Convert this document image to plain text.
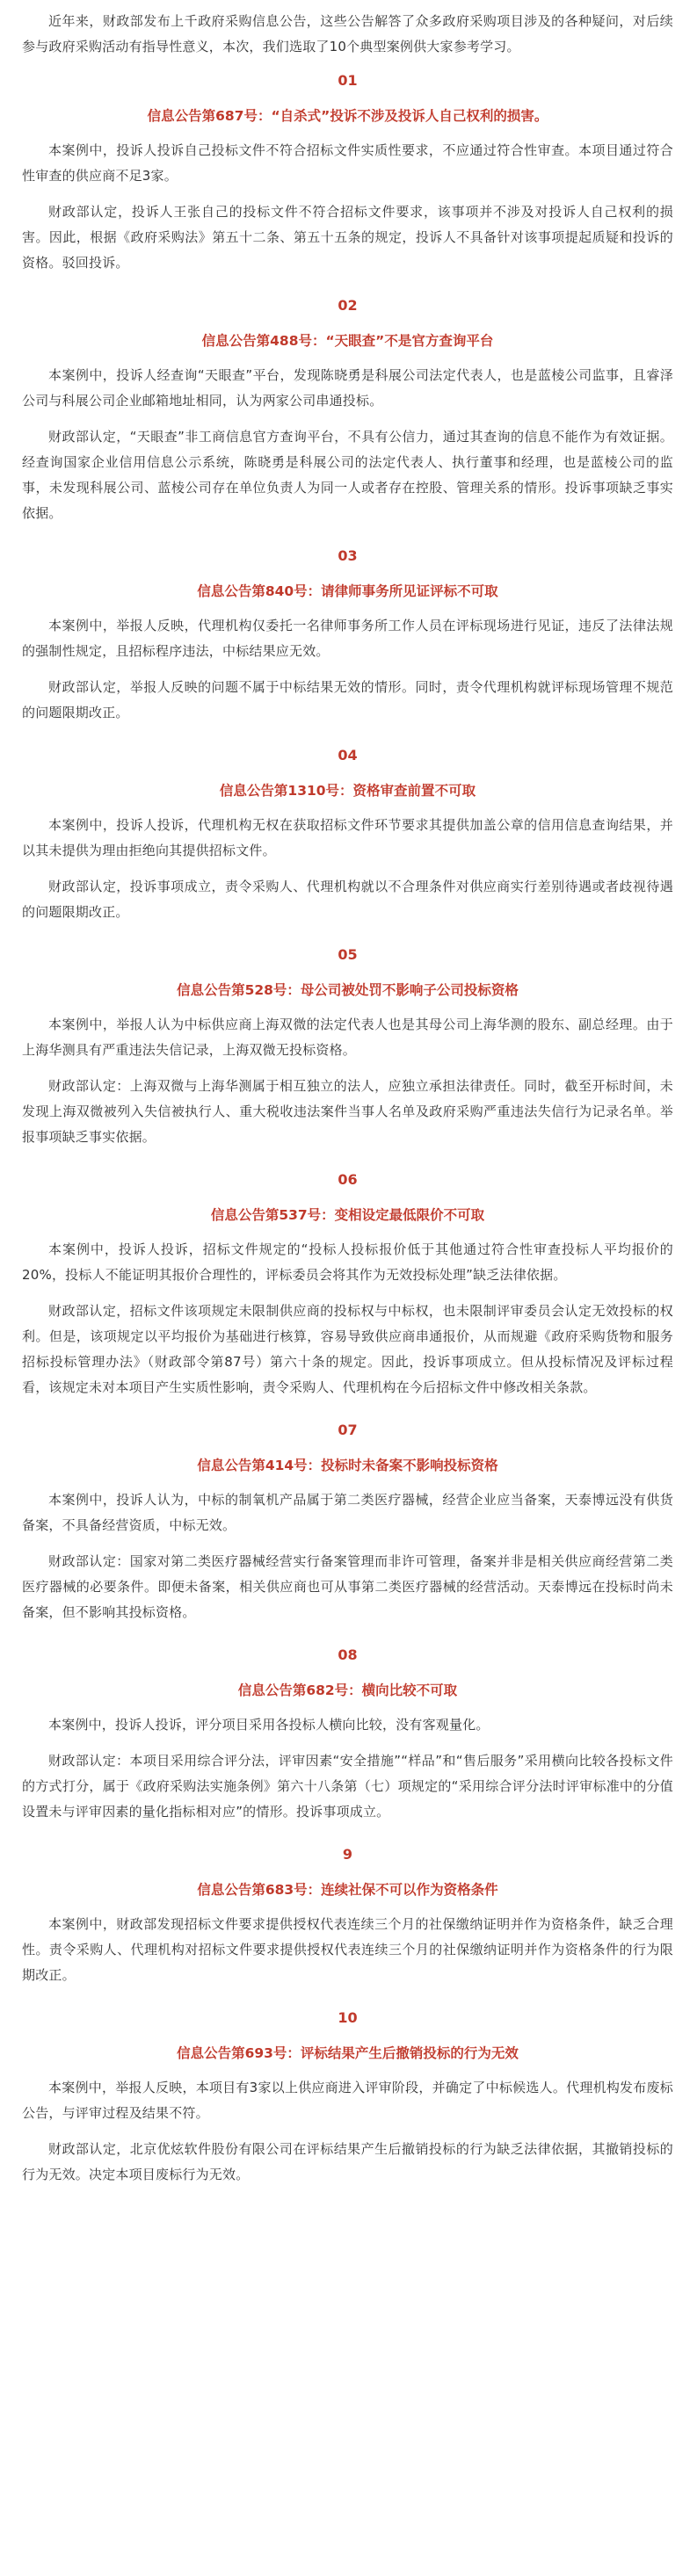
近年来，财政部发布上千政府采购信息公告，这些公告解答了众多政府采购项目涉及的各种疑问，对后续参与政府采购活动有指导性意义，本次，我们选取了10个典型案例供大家参考学习。

01
信息公告第687号：“自杀式”投诉不涉及投诉人自己权利的损害。

本案例中，投诉人投诉自己投标文件不符合招标文件实质性要求，不应通过符合性审查。本项目通过符合性审查的供应商不足3家。

财政部认定，投诉人王张自己的投标文件不符合招标文件要求，该事项并不涉及对投诉人自己权利的损害。因此，根据《政府采购法》第五十二条、第五十五条的规定，投诉人不具备针对该事项提起质疑和投诉的资格。驳回投诉。

02
信息公告第488号：“天眼查”不是官方查询平台

本案例中，投诉人经查询“天眼查”平台，发现陈晓勇是科展公司法定代表人，也是蓝棱公司监事，且睿泽公司与科展公司企业邮箱地址相同，认为两家公司串通投标。

财政部认定，“天眼查”非工商信息官方查询平台，不具有公信力，通过其查询的信息不能作为有效证据。经查询国家企业信用信息公示系统，陈晓勇是科展公司的法定代表人、执行董事和经理，也是蓝棱公司的监事，未发现科展公司、蓝棱公司存在单位负责人为同一人或者存在控股、管理关系的情形。投诉事项缺乏事实依据。

03
信息公告第840号：请律师事务所见证评标不可取

本案例中，举报人反映，代理机构仅委托一名律师事务所工作人员在评标现场进行见证，违反了法律法规的强制性规定，且招标程序违法，中标结果应无效。

财政部认定，举报人反映的问题不属于中标结果无效的情形。同时，责令代理机构就评标现场管理不规范的问题限期改正。

04
信息公告第1310号：资格审查前置不可取

本案例中，投诉人投诉，代理机构无权在获取招标文件环节要求其提供加盖公章的信用信息查询结果，并以其未提供为理由拒绝向其提供招标文件。

财政部认定，投诉事项成立，责令采购人、代理机构就以不合理条件对供应商实行差别待遇或者歧视待遇的问题限期改正。

05
信息公告第528号：母公司被处罚不影响子公司投标资格

本案例中，举报人认为中标供应商上海双微的法定代表人也是其母公司上海华测的股东、副总经理。由于上海华测具有严重违法失信记录，上海双微无投标资格。

财政部认定：上海双微与上海华测属于相互独立的法人，应独立承担法律责任。同时，截至开标时间，未发现上海双微被列入失信被执行人、重大税收违法案件当事人名单及政府采购严重违法失信行为记录名单。举报事项缺乏事实依据。

06
信息公告第537号：变相设定最低限价不可取

本案例中，投诉人投诉，招标文件规定的“投标人投标报价低于其他通过符合性审查投标人平均报价的20%，投标人不能证明其报价合理性的，评标委员会将其作为无效投标处理”缺乏法律依据。

财政部认定，招标文件该项规定未限制供应商的投标权与中标权，也未限制评审委员会认定无效投标的权利。但是，该项规定以平均报价为基础进行核算，容易导致供应商串通报价，从而规避《政府采购货物和服务招标投标管理办法》（财政部令第87号）第六十条的规定。因此，投诉事项成立。但从投标情况及评标过程看，该规定未对本项目产生实质性影响，责令采购人、代理机构在今后招标文件中修改相关条款。

07
信息公告第414号：投标时未备案不影响投标资格

本案例中，投诉人认为，中标的制氧机产品属于第二类医疗器械，经营企业应当备案，天泰博远没有供货备案，不具备经营资质，中标无效。

财政部认定：国家对第二类医疗器械经营实行备案管理而非许可管理，备案并非是相关供应商经营第二类医疗器械的必要条件。即便未备案，相关供应商也可从事第二类医疗器械的经营活动。天泰博远在投标时尚未备案，但不影响其投标资格。

08
信息公告第682号：横向比较不可取

本案例中，投诉人投诉，评分项目采用各投标人横向比较，没有客观量化。

财政部认定：本项目采用综合评分法，评审因素“安全措施”“样品”和“售后服务”采用横向比较各投标文件的方式打分，属于《政府采购法实施条例》第六十八条第（七）项规定的“采用综合评分法时评审标准中的分值设置未与评审因素的量化指标相对应”的情形。投诉事项成立。

9
信息公告第683号：连续社保不可以作为资格条件

本案例中，财政部发现招标文件要求提供授权代表连续三个月的社保缴纳证明并作为资格条件，缺乏合理性。责令采购人、代理机构对招标文件要求提供授权代表连续三个月的社保缴纳证明并作为资格条件的行为限期改正。

10
信息公告第693号：评标结果产生后撤销投标的行为无效

本案例中，举报人反映，本项目有3家以上供应商进入评审阶段，并确定了中标候选人。代理机构发布废标公告，与评审过程及结果不符。

财政部认定，北京优炫软件股份有限公司在评标结果产生后撤销投标的行为缺乏法律依据，其撤销投标的行为无效。决定本项目废标行为无效。
